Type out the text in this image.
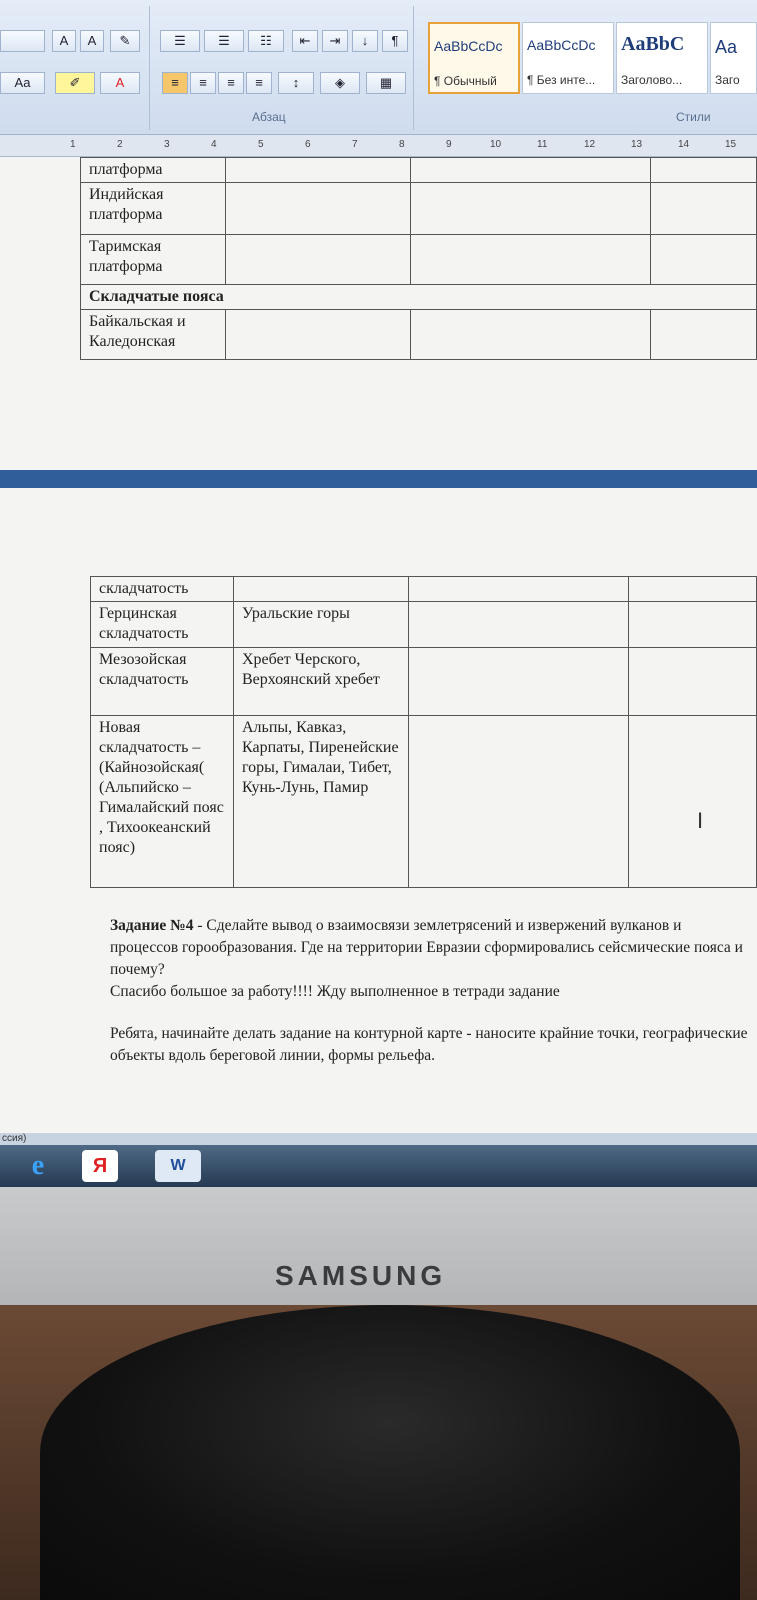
A	A	✎
Aa	✐	A
☰	☰	☷	⇤	⇥	↓	¶
≡	≡	≡	≡	↕	◈	▦
Абзац
AaBbCcDc
¶ Обычный
AaBbCcDc
¶ Без инте...
AaBbC
Заголово...
Aa
Заго
Стили
1	2	3	4	5	6	7	8	9	10	11	12	13	14	15
платформа			
Индийская платформа			
Таримская платформа			
Складчатые пояса			
Байкальская и Каледонская			
складчатость			
Герцинская складчатость	Уральские горы		
Мезозойская складчатость	Хребет Черского, Верхоянский хребет		
Новая складчатость – (Кайнозойская( (Альпийско – Гималайский пояс , Тихоокеанский пояс)	Альпы, Кавказ, Карпаты, Пиренейские горы, Гималаи, Тибет, Кунь-Лунь, Памир		
I

Задание №4 - Сделайте вывод о взаимосвязи землетрясений и извержений вулканов и процессов горообразования. Где на территории Евразии сформировались сейсмические пояса и почему?
Спасибо большое за работу!!!! Жду выполненное в тетради задание

Ребята, начинайте делать задание на контурной карте - наносите крайние точки, географические объекты вдоль береговой линии, формы рельефа.

ссия)
e	Я	W
SAMSUNG
